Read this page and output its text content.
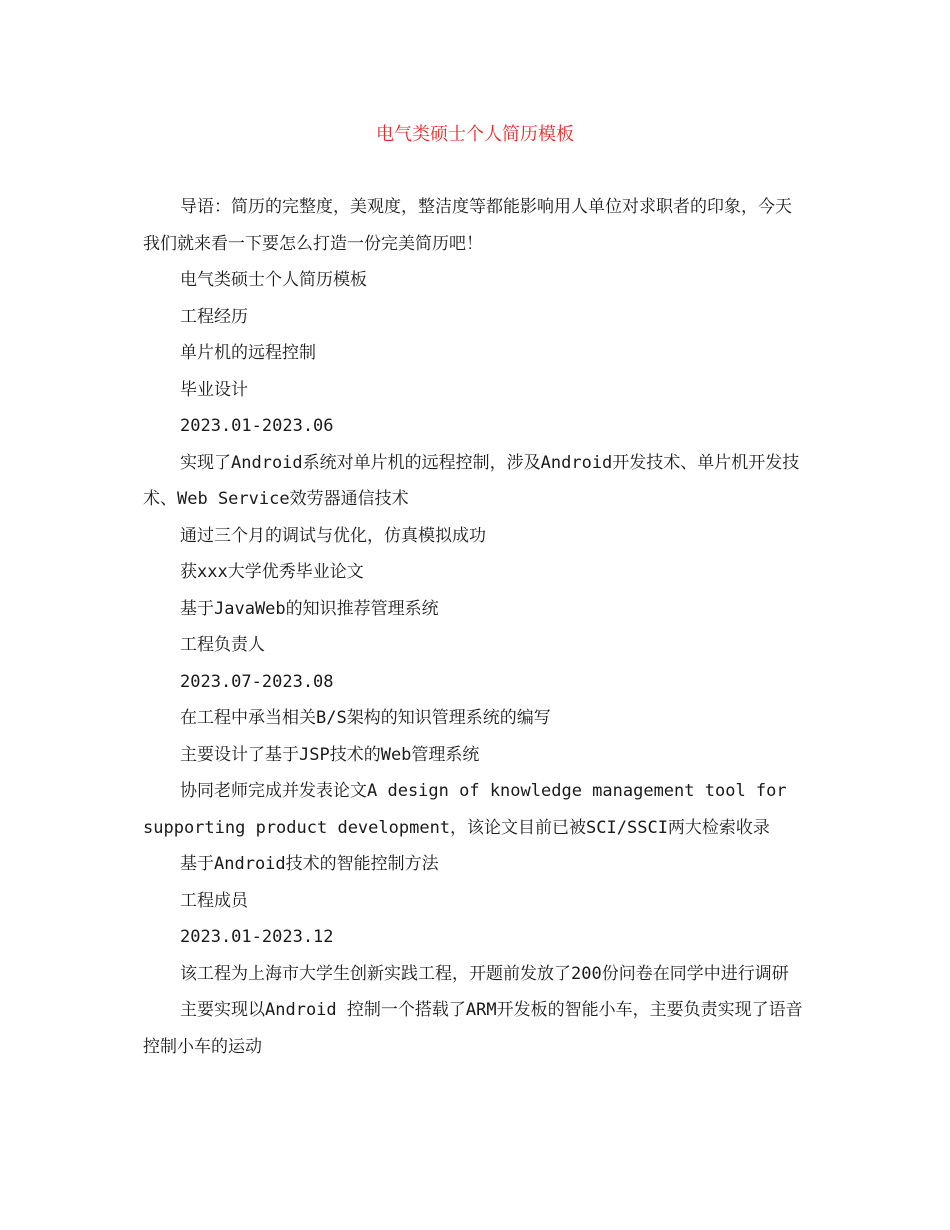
电气类硕士个人简历模板

导语：简历的完整度，美观度，整洁度等都能影响用人单位对求职者的印象，今天我们就来看一下要怎么打造一份完美简历吧！

电气类硕士个人简历模板

工程经历

单片机的远程控制

毕业设计

2023.01-2023.06

实现了Android系统对单片机的远程控制，涉及Android开发技术、单片机开发技术、Web Service效劳器通信技术

通过三个月的调试与优化，仿真模拟成功

获xxx大学优秀毕业论文

基于JavaWeb的知识推荐管理系统

工程负责人

2023.07-2023.08

在工程中承当相关B/S架构的知识管理系统的编写

主要设计了基于JSP技术的Web管理系统

协同老师完成并发表论文A design of knowledge management tool for supporting product development，该论文目前已被SCI/SSCI两大检索收录

基于Android技术的智能控制方法

工程成员

2023.01-2023.12

该工程为上海市大学生创新实践工程，开题前发放了200份问卷在同学中进行调研

主要实现以Android 控制一个搭载了ARM开发板的智能小车，主要负责实现了语音控制小车的运动
